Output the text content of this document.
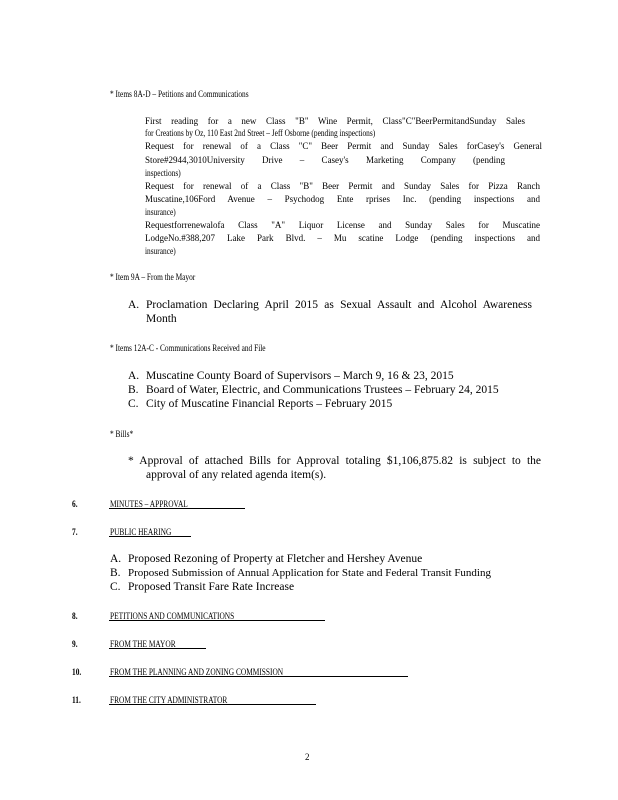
* Items 8A-D – Petitions and Communications
First reading for a new Class "B" Wine Permit, Class"C"BeerPermitandSunday Sales
for Creations by Oz, 110 East 2nd Street – Jeff Osborne (pending inspections)
Request for renewal of a Class "C" Beer Permit and Sunday Sales forCasey's General
Store#2944,3010University Drive – Casey's Marketing Company (pending
inspections)
Request for renewal of a Class "B" Beer Permit and Sunday Sales for Pizza Ranch
Muscatine,106Ford Avenue – Psychodog Ente rprises Inc. (pending inspections and
insurance)
Requestforrenewalofa Class "A" Liquor License and Sunday Sales for Muscatine
LodgeNo.#388,207 Lake Park Blvd. – Mu scatine Lodge (pending inspections and
insurance)
* Item 9A – From the Mayor
A. Proclamation Declaring April 2015 as Sexual Assault and Alcohol Awareness
Month
* Items 12A-C - Communications Received and File
A. Muscatine County Board of Supervisors – March 9, 16 & 23, 2015
B. Board of Water, Electric, and Communications Trustees – February 24, 2015
C. City of Muscatine Financial Reports – February 2015
* Bills*
* Approval of attached Bills for Approval totaling $1,106,875.82 is subject to the
approval of any related agenda item(s).
6.	MINUTES – APPROVAL
7.	PUBLIC HEARING
A. Proposed Rezoning of Property at Fletcher and Hershey Avenue
B. Proposed Submission of Annual Application for State and Federal Transit Funding
C. Proposed Transit Fare Rate Increase
8.	PETITIONS AND COMMUNICATIONS
9.	FROM THE MAYOR
10.	FROM THE PLANNING AND ZONING COMMISSION
11.	FROM THE CITY ADMINISTRATOR
2
